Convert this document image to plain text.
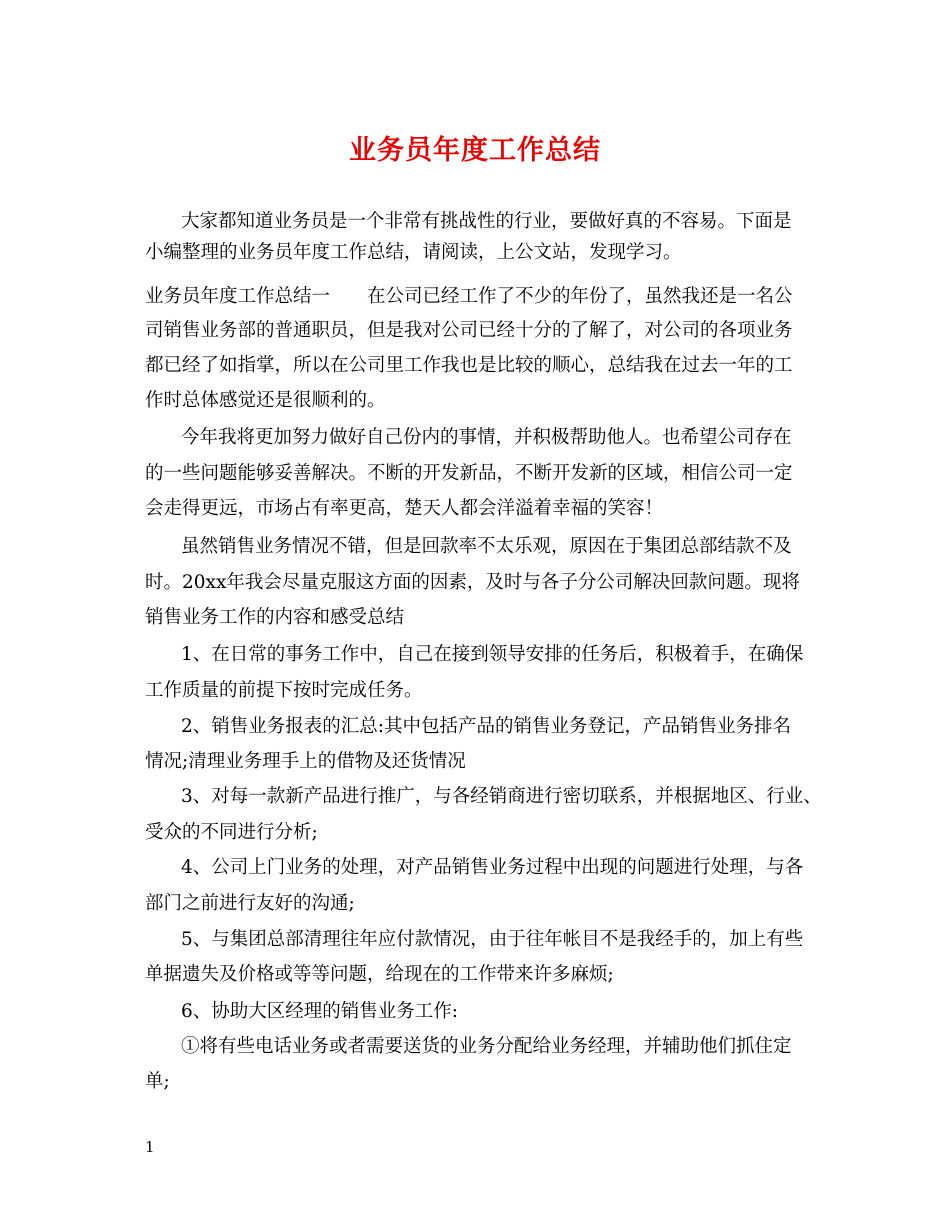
业务员年度工作总结
大家都知道业务员是一个非常有挑战性的行业，要做好真的不容易。下面是
小编整理的业务员年度工作总结，请阅读，上公文站，发现学习。
业务员年度工作总结一　　在公司已经工作了不少的年份了，虽然我还是一名公
司销售业务部的普通职员，但是我对公司已经十分的了解了，对公司的各项业务
都已经了如指掌，所以在公司里工作我也是比较的顺心，总结我在过去一年的工
作时总体感觉还是很顺利的。
今年我将更加努力做好自己份内的事情，并积极帮助他人。也希望公司存在
的一些问题能够妥善解决。不断的开发新品，不断开发新的区域，相信公司一定
会走得更远，市场占有率更高，楚天人都会洋溢着幸福的笑容！
虽然销售业务情况不错，但是回款率不太乐观，原因在于集团总部结款不及
时。20xx年我会尽量克服这方面的因素，及时与各子分公司解决回款问题。现将
销售业务工作的内容和感受总结
1、在日常的事务工作中，自己在接到领导安排的任务后，积极着手，在确保
工作质量的前提下按时完成任务。
2、销售业务报表的汇总:其中包括产品的销售业务登记，产品销售业务排名
情况;清理业务理手上的借物及还货情况
3、对每一款新产品进行推广，与各经销商进行密切联系，并根据地区、行业、
受众的不同进行分析;
4、公司上门业务的处理，对产品销售业务过程中出现的问题进行处理，与各
部门之前进行友好的沟通;
5、与集团总部清理往年应付款情况，由于往年帐目不是我经手的，加上有些
单据遗失及价格或等等问题，给现在的工作带来许多麻烦;
6、协助大区经理的销售业务工作:
①将有些电话业务或者需要送货的业务分配给业务经理，并辅助他们抓住定
单;
1
